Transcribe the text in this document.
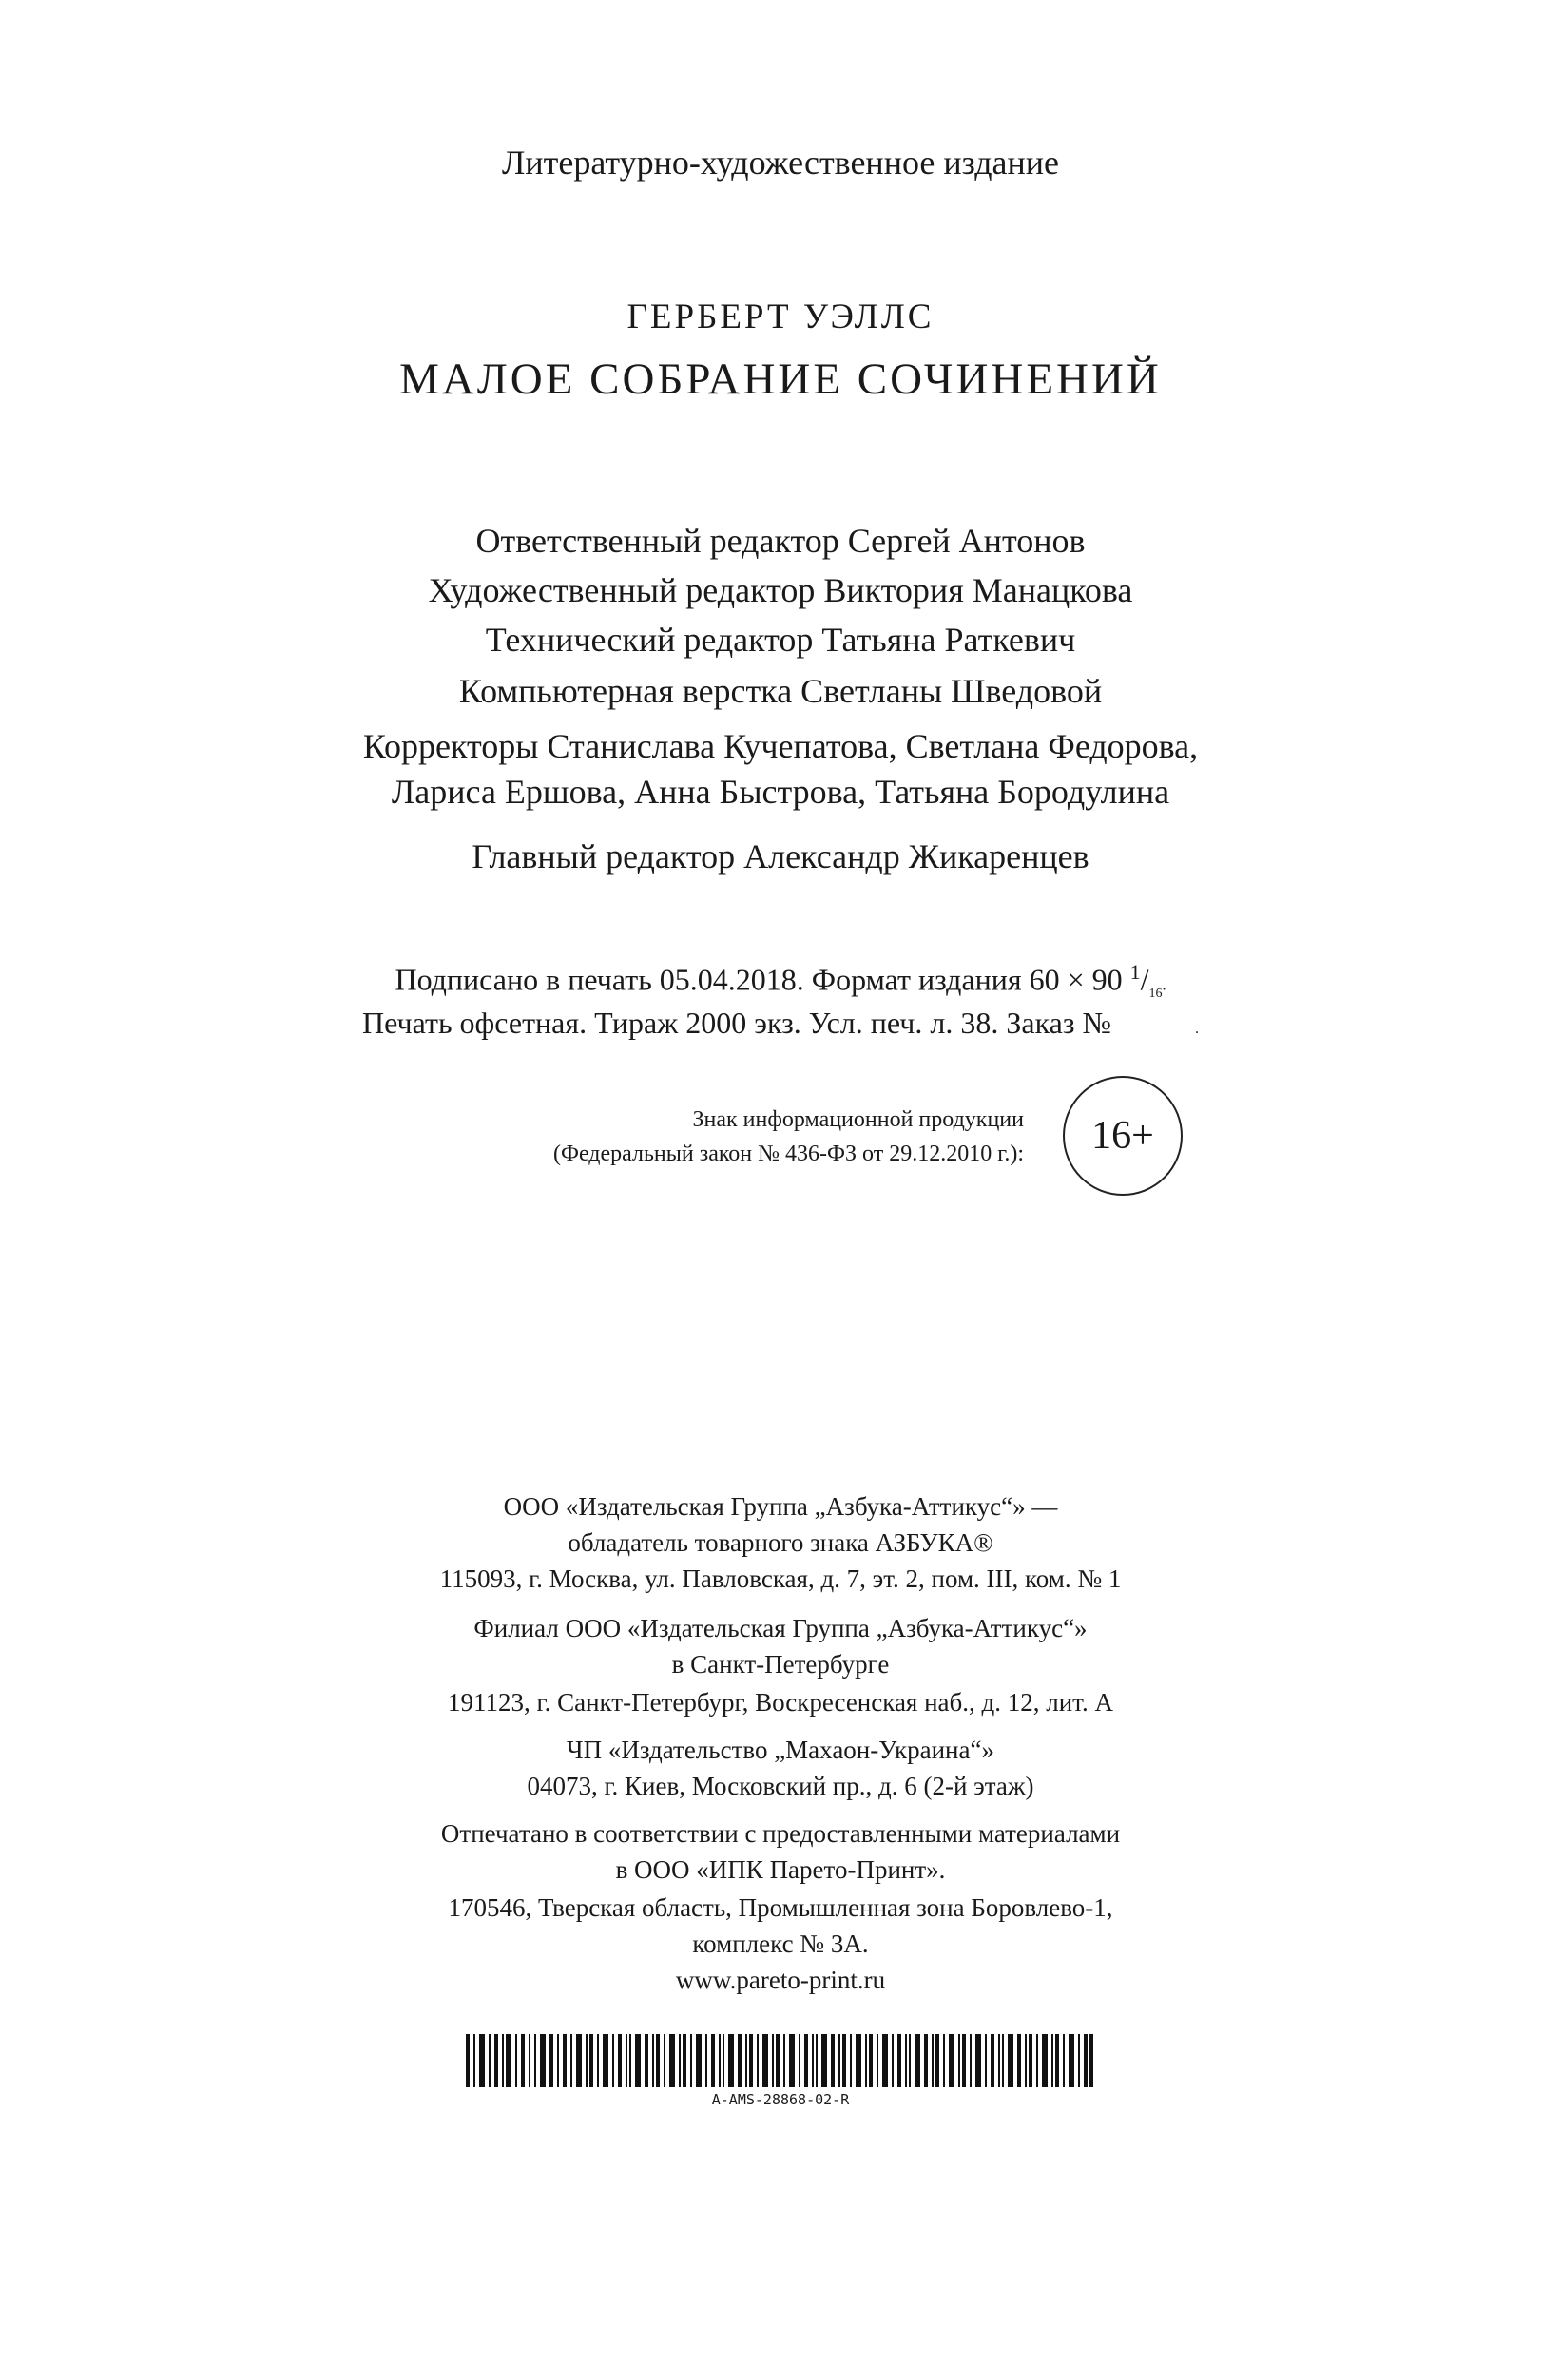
Литературно-художественное издание
ГЕРБЕРТ УЭЛЛС
МАЛОЕ СОБРАНИЕ СОЧИНЕНИЙ
Ответственный редактор Сергей Антонов
Художественный редактор Виктория Манацкова
Технический редактор Татьяна Раткевич
Компьютерная верстка Светланы Шведовой
Корректоры Станислава Кучепатова, Светлана Федорова,
Лариса Ершова, Анна Быстрова, Татьяна Бородулина
Главный редактор Александр Жикаренцев
Подписано в печать 05.04.2018. Формат издания 60 × 90 $^1/_{16}$.
Печать офсетная. Тираж 2000 экз. Усл. печ. л. 38. Заказ №	.
Знак информационной продукции
(Федеральный закон № 436-ФЗ от 29.12.2010 г.):	16+
ООО «Издательская Группа „Азбука-Аттикус“» —
обладатель товарного знака АЗБУКА®
115093, г. Москва, ул. Павловская, д. 7, эт. 2, пом. III, ком. № 1
Филиал ООО «Издательская Группа „Азбука-Аттикус“»
в Санкт-Петербурге
191123, г. Санкт-Петербург, Воскресенская наб., д. 12, лит. А
ЧП «Издательство „Махаон-Украина“»
04073, г. Киев, Московский пр., д. 6 (2-й этаж)
Отпечатано в соответствии с предоставленными материалами
в ООО «ИПК Парето-Принт».
170546, Тверская область, Промышленная зона Боровлево-1,
комплекс № 3А.
www.pareto-print.ru
A-AMS-28868-02-R
